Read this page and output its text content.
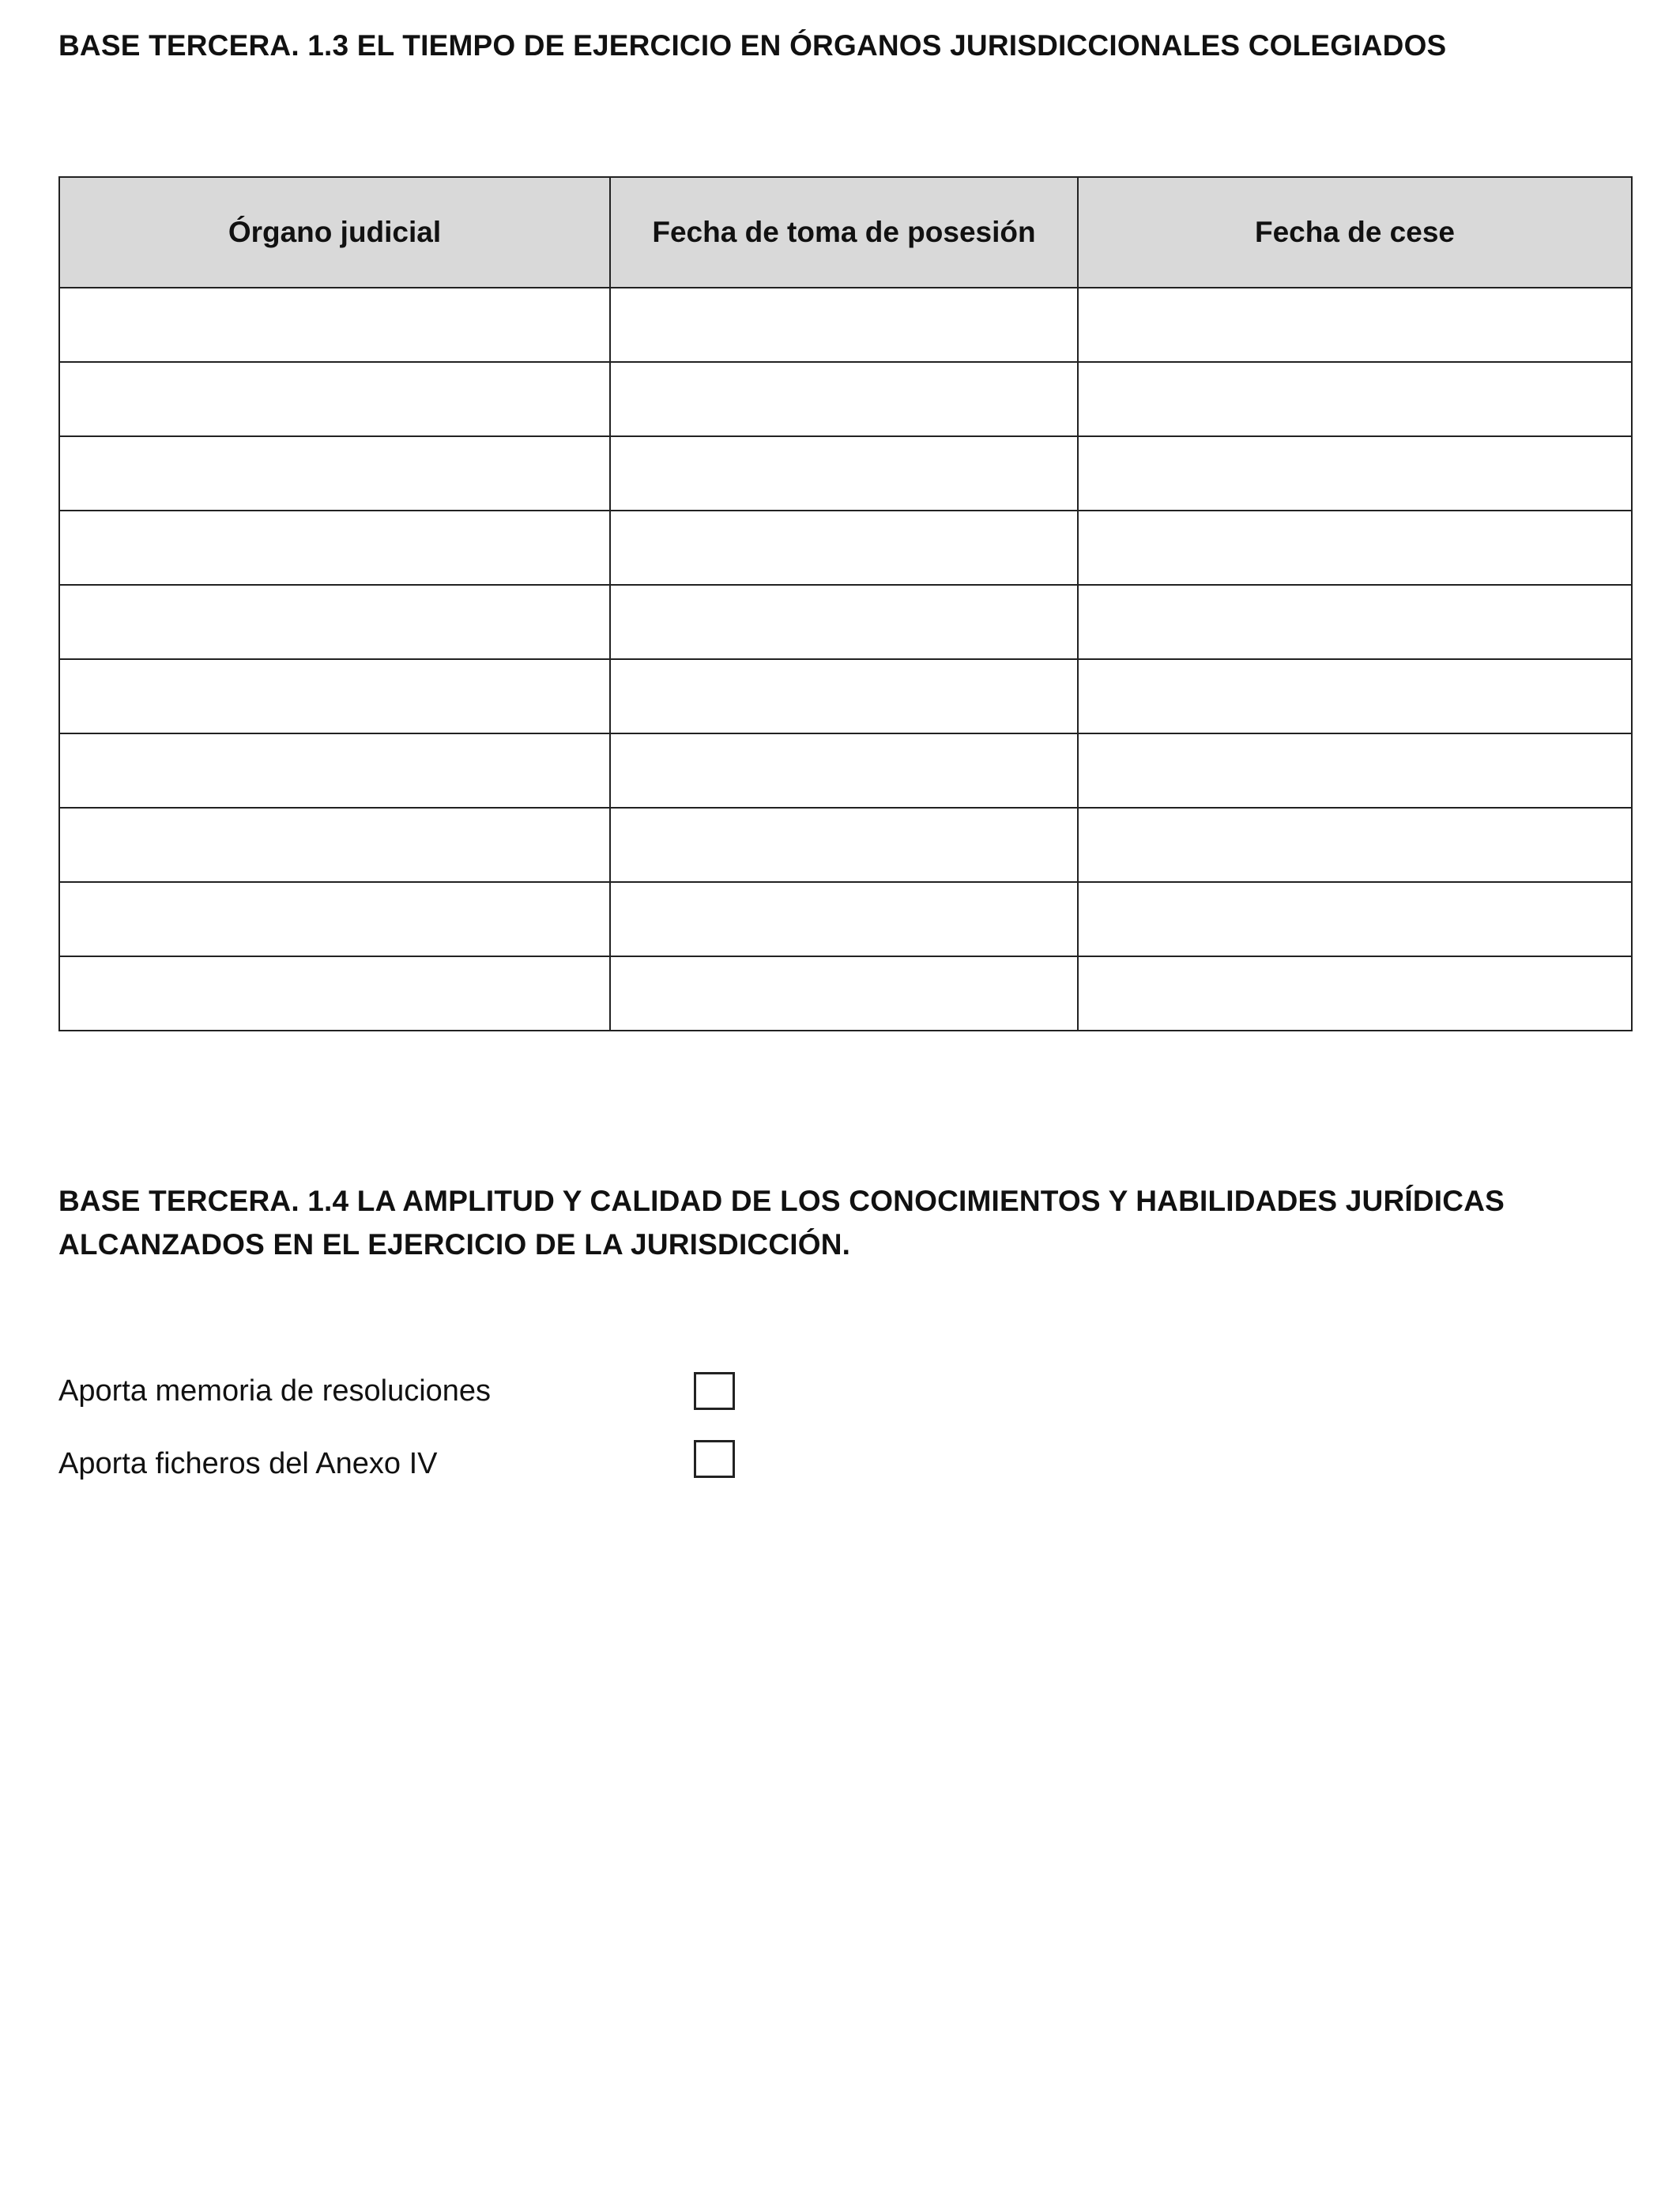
BASE TERCERA. 1.3 EL TIEMPO DE EJERCICIO EN ÓRGANOS JURISDICCIONALES COLEGIADOS
Órgano judicial	Fecha de toma de posesión	Fecha de cese

BASE TERCERA. 1.4 LA AMPLITUD Y CALIDAD DE LOS CONOCIMIENTOS Y HABILIDADES JURÍDICAS ALCANZADOS EN EL EJERCICIO DE LA JURISDICCIÓN.
Aporta memoria de resoluciones
Aporta ficheros del Anexo IV
